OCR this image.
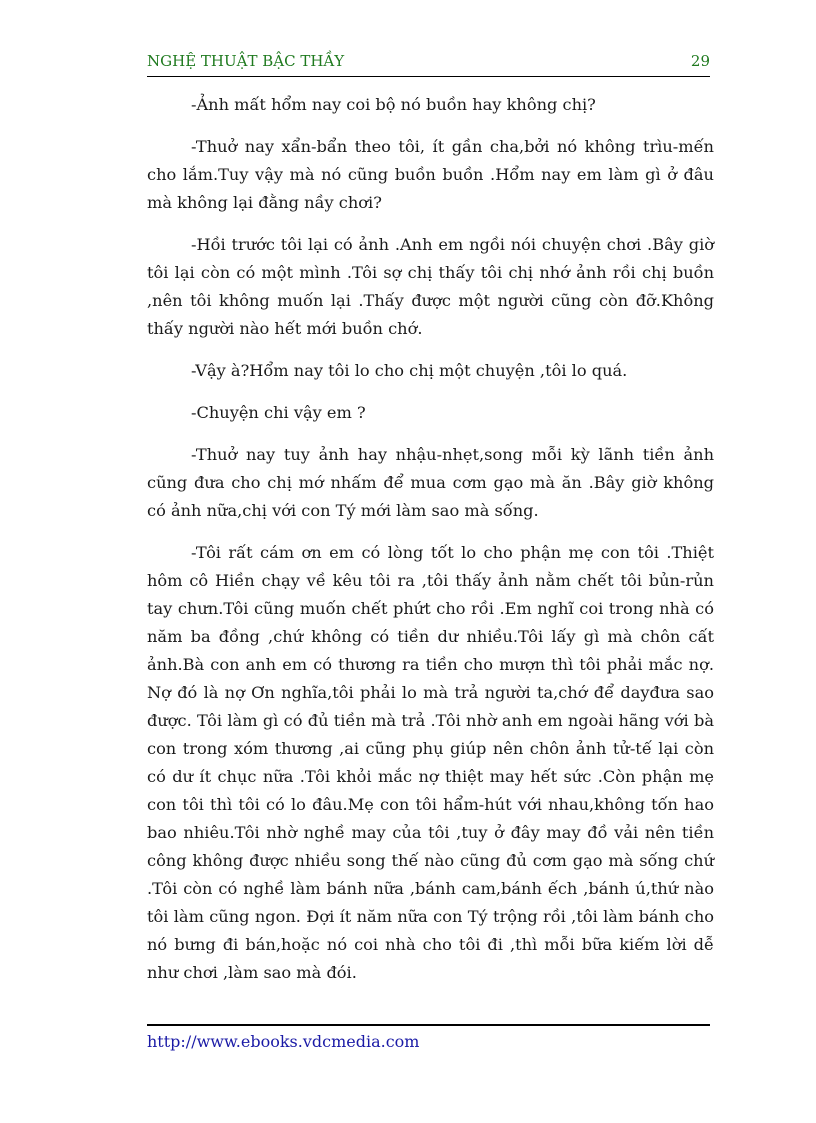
NGHỆ THUẬT BẬC THẦY	29

-Ảnh mất hổm nay coi bộ nó buồn hay không chị?

-Thuở nay xẩn-bẩn theo tôi, ít gần cha,bởi nó không trìu-mến cho lắm.Tuy vậy mà nó cũng buồn buồn .Hổm nay em làm gì ở đâu mà không lại đằng nầy chơi?

-Hồi trước tôi lại có ảnh .Anh em ngồi nói chuyện chơi .Bây giờ tôi lại còn có một mình .Tôi sợ chị thấy tôi chị nhớ ảnh rồi chị buồn ,nên tôi không muốn lại .Thấy được một người cũng còn đỡ.Không thấy người nào hết mới buồn chớ.

-Vậy à?Hổm nay tôi lo cho chị một chuyện ,tôi lo quá.

-Chuyện chi vậy em ?

-Thuở nay tuy ảnh hay nhậu-nhẹt,song mỗi kỳ lãnh tiền ảnh cũng đưa cho chị mớ nhấm để mua cơm gạo mà ăn .Bây giờ không có ảnh nữa,chị với con Tý mới làm sao mà sống.

-Tôi rất cám ơn em có lòng tốt lo cho phận mẹ con tôi .Thiệt hôm cô Hiền chạy về kêu tôi ra ,tôi thấy ảnh nằm chết tôi bủn-rủn tay chưn.Tôi cũng muốn chết phứt cho rồi .Em nghĩ coi trong nhà có năm ba đồng ,chứ không có tiền dư nhiều.Tôi lấy gì mà chôn cất ảnh.Bà con anh em có thương ra tiền cho mượn thì tôi phải mắc nợ. Nợ đó là nợ Ơn nghĩa,tôi phải lo mà trả người ta,chớ để dayđưa sao được. Tôi làm gì có đủ tiền mà trả .Tôi nhờ anh em ngoài hãng với bà con trong xóm thương ,ai cũng phụ giúp nên chôn ảnh tử-tế lại còn có dư ít chục nữa .Tôi khỏi mắc nợ thiệt may hết sức .Còn phận mẹ con tôi thì tôi có lo đâu.Mẹ con tôi hẩm-hút với nhau,không tốn hao bao nhiêu.Tôi nhờ nghề may của tôi ,tuy ở đây may đồ vải nên tiền công không được nhiều song thế nào cũng đủ cơm gạo mà sống chứ .Tôi còn có nghề làm bánh nữa ,bánh cam,bánh ếch ,bánh ú,thứ nào tôi làm cũng ngon. Đợi ít năm nữa con Tý trộng rồi ,tôi làm bánh cho nó bưng đi bán,hoặc nó coi nhà cho tôi đi ,thì mỗi bữa kiếm lời dễ như chơi ,làm sao mà đói.

http://www.ebooks.vdcmedia.com
